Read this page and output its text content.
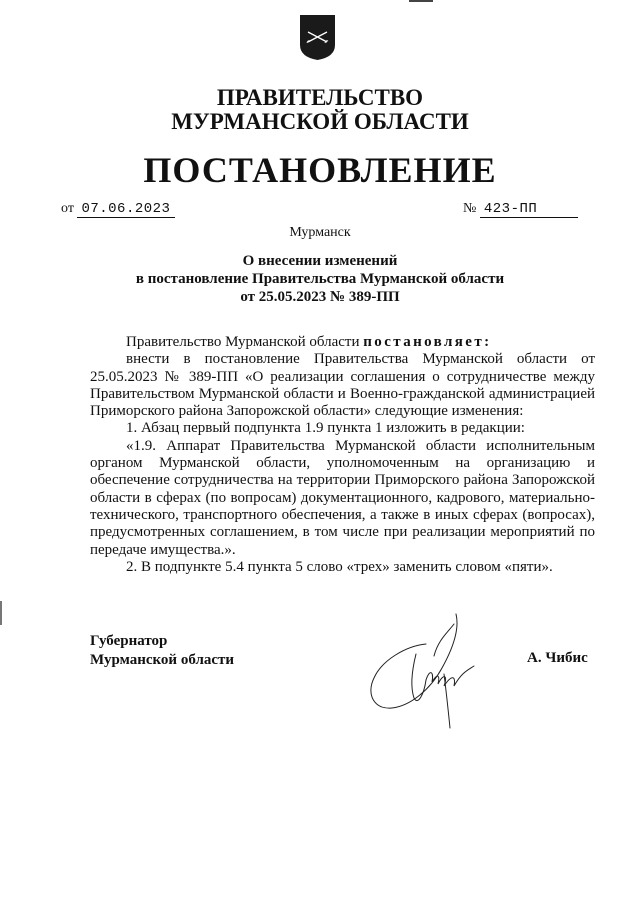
ПРАВИТЕЛЬСТВО
МУРМАНСКОЙ ОБЛАСТИ
ПОСТАНОВЛЕНИЕ
от 07.06.2023	№ 423-ПП
Мурманск
О внесении изменений
в постановление Правительства Мурманской области
от 25.05.2023 № 389-ПП

Правительство Мурманской области постановляет:

внести в постановление Правительства Мурманской области от 25.05.2023 № 389-ПП «О реализации соглашения о сотрудничестве между Правительством Мурманской области и Военно-гражданской администрацией Приморского района Запорожской области» следующие изменения:

1. Абзац первый подпункта 1.9 пункта 1 изложить в редакции:

«1.9. Аппарат Правительства Мурманской области исполнительным органом Мурманской области, уполномоченным на организацию и обеспечение сотрудничества на территории Приморского района Запорожской области в сферах (по вопросам) документационного, кадрового, материально-технического, транспортного обеспечения, а также в иных сферах (вопросах), предусмотренных соглашением, в том числе при реализации мероприятий по передаче имущества.».

2. В подпункте 5.4 пункта 5 слово «трех» заменить словом «пяти».

Губернатор
Мурманской области	А. Чибис
